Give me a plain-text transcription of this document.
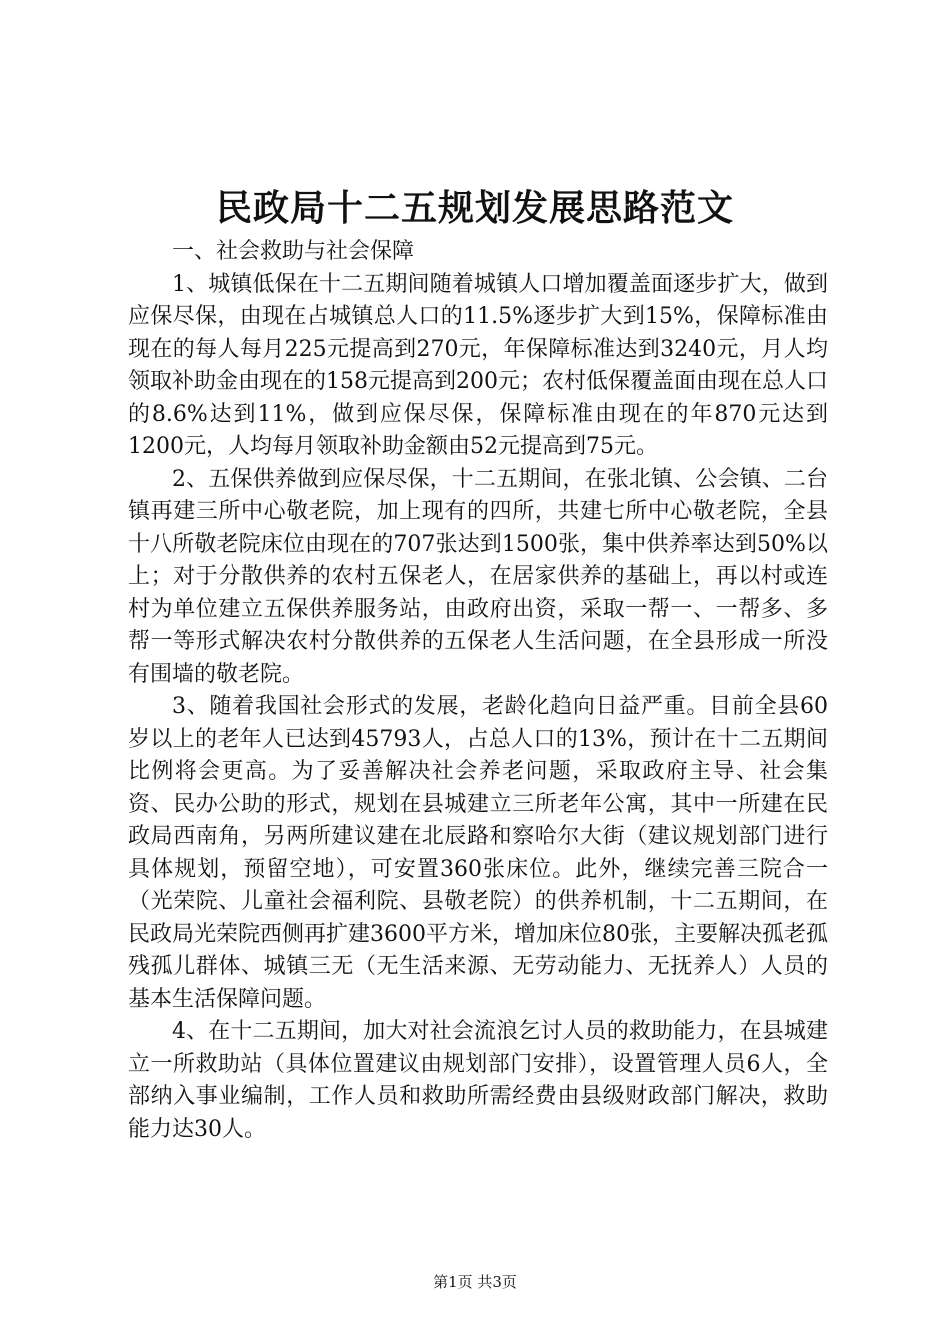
民政局十二五规划发展思路范文

一、社会救助与社会保障

1、城镇低保在十二五期间随着城镇人口增加覆盖面逐步扩大，做到应保尽保，由现在占城镇总人口的11.5%逐步扩大到15%，保障标准由现在的每人每月225元提高到270元，年保障标准达到3240元，月人均领取补助金由现在的158元提高到200元；农村低保覆盖面由现在总人口的8.6%达到11%，做到应保尽保，保障标准由现在的年870元达到1200元，人均每月领取补助金额由52元提高到75元。

2、五保供养做到应保尽保，十二五期间，在张北镇、公会镇、二台镇再建三所中心敬老院，加上现有的四所，共建七所中心敬老院，全县十八所敬老院床位由现在的707张达到1500张，集中供养率达到50%以上；对于分散供养的农村五保老人，在居家供养的基础上，再以村或连村为单位建立五保供养服务站，由政府出资，采取一帮一、一帮多、多帮一等形式解决农村分散供养的五保老人生活问题，在全县形成一所没有围墙的敬老院。

3、随着我国社会形式的发展，老龄化趋向日益严重。目前全县60岁以上的老年人已达到45793人，占总人口的13%，预计在十二五期间比例将会更高。为了妥善解决社会养老问题，采取政府主导、社会集资、民办公助的形式，规划在县城建立三所老年公寓，其中一所建在民政局西南角，另两所建议建在北辰路和察哈尔大街（建议规划部门进行具体规划，预留空地），可安置360张床位。此外，继续完善三院合一（光荣院、儿童社会福利院、县敬老院）的供养机制，十二五期间，在民政局光荣院西侧再扩建3600平方米，增加床位80张，主要解决孤老孤残孤儿群体、城镇三无（无生活来源、无劳动能力、无抚养人）人员的基本生活保障问题。

4、在十二五期间，加大对社会流浪乞讨人员的救助能力，在县城建立一所救助站（具体位置建议由规划部门安排），设置管理人员6人，全部纳入事业编制，工作人员和救助所需经费由县级财政部门解决，救助能力达30人。

第1页 共3页
